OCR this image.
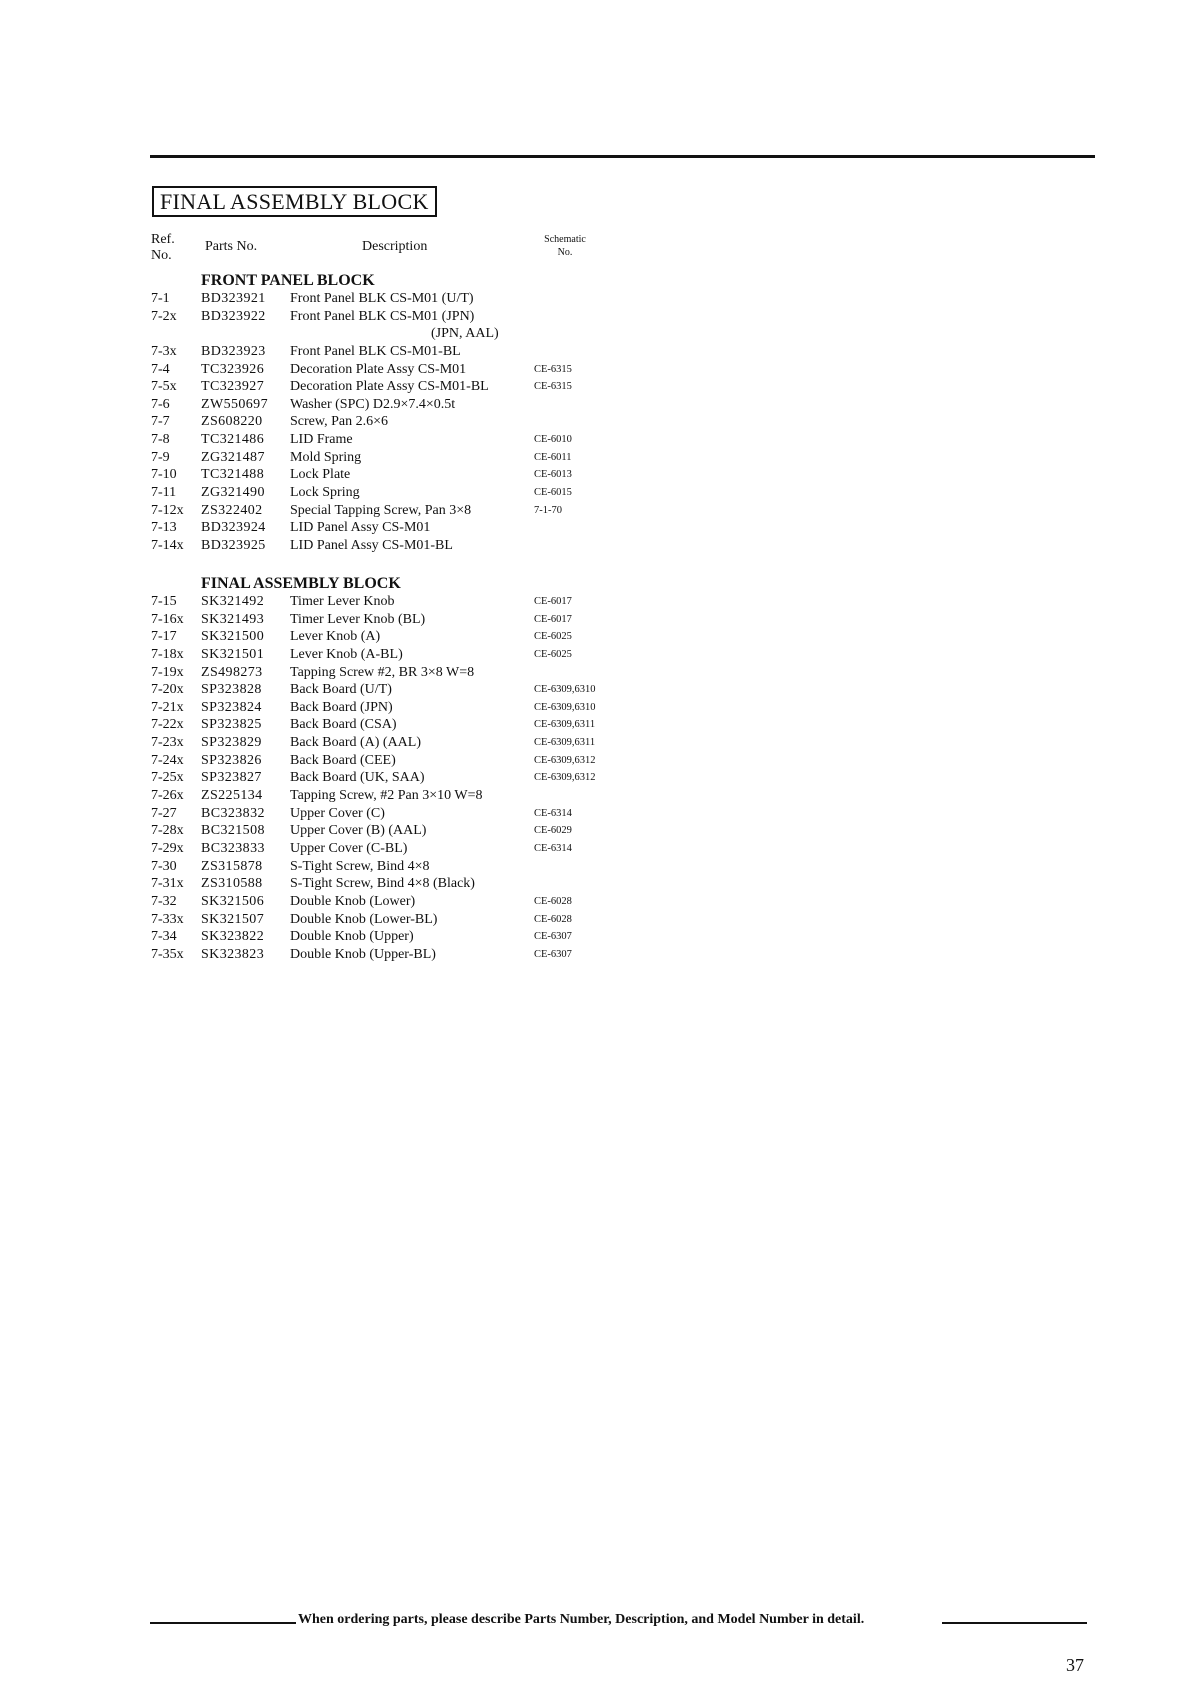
FINAL ASSEMBLY BLOCK
Ref.
No.
Parts No.	Description	Schematic
No.
FRONT PANEL BLOCK
7-1 BD323921 Front Panel BLK CS-M01 (U/T)
7-2x BD323922 Front Panel BLK CS-M01 (JPN)
(JPN, AAL)
7-3x BD323923 Front Panel BLK CS-M01-BL
7-4 TC323926 Decoration Plate Assy CS-M01	CE-6315
7-5x TC323927 Decoration Plate Assy CS-M01-BL	CE-6315
7-6 ZW550697 Washer (SPC) D2.9×7.4×0.5t
7-7 ZS608220 Screw, Pan 2.6×6
7-8 TC321486 LID Frame	CE-6010
7-9 ZG321487 Mold Spring	CE-6011
7-10 TC321488 Lock Plate	CE-6013
7-11 ZG321490 Lock Spring	CE-6015
7-12x ZS322402 Special Tapping Screw, Pan 3×8	7-1-70
7-13 BD323924 LID Panel Assy CS-M01
7-14x BD323925 LID Panel Assy CS-M01-BL
FINAL ASSEMBLY BLOCK
7-15 SK321492 Timer Lever Knob	CE-6017
7-16x SK321493 Timer Lever Knob (BL)	CE-6017
7-17 SK321500 Lever Knob (A)	CE-6025
7-18x SK321501 Lever Knob (A-BL)	CE-6025
7-19x ZS498273 Tapping Screw #2, BR 3×8 W=8
7-20x SP323828 Back Board (U/T)	CE-6309,6310
7-21x SP323824 Back Board (JPN)	CE-6309,6310
7-22x SP323825 Back Board (CSA)	CE-6309,6311
7-23x SP323829 Back Board (A) (AAL)	CE-6309,6311
7-24x SP323826 Back Board (CEE)	CE-6309,6312
7-25x SP323827 Back Board (UK, SAA)	CE-6309,6312
7-26x ZS225134 Tapping Screw, #2 Pan 3×10 W=8
7-27 BC323832 Upper Cover (C)	CE-6314
7-28x BC321508 Upper Cover (B) (AAL)	CE-6029
7-29x BC323833 Upper Cover (C-BL)	CE-6314
7-30 ZS315878 S-Tight Screw, Bind 4×8
7-31x ZS310588 S-Tight Screw, Bind 4×8 (Black)
7-32 SK321506 Double Knob (Lower)	CE-6028
7-33x SK321507 Double Knob (Lower-BL)	CE-6028
7-34 SK323822 Double Knob (Upper)	CE-6307
7-35x SK323823 Double Knob (Upper-BL)	CE-6307
When ordering parts, please describe Parts Number, Description, and Model Number in detail.
37
